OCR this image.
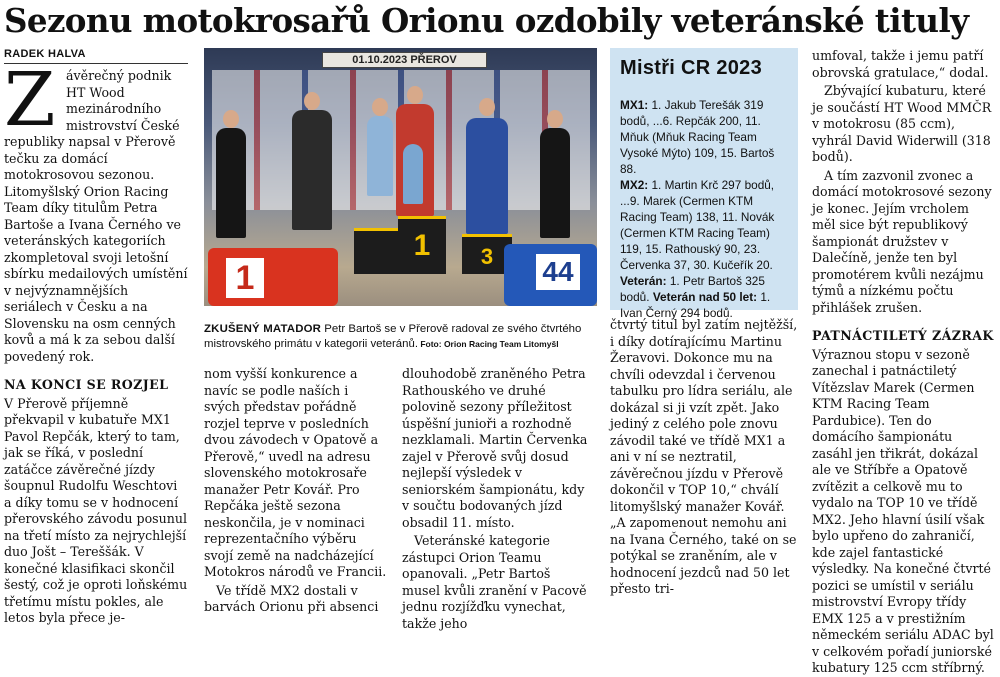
Sezonu motokrosařů Orionu ozdobily veteránské tituly
RADEK HALVA

Závěrečný podnik HT Wood mezinárodního mistrovství České republiky napsal v Přerově tečku za domácí motokrosovou sezonou. Litomyšlský Orion Racing Team díky titulům Petra Bartoše a Ivana Černého ve veteránských kategoriích zkompletoval svoji letošní sbírku medailových umístění v nejvýznamnějších seriálech v Česku a na Slovensku na osm cenných kovů a má k za sebou další povedený rok.

NA KONCI SE ROZJEL

V Přerově příjemně překvapil v kubatuře MX1 Pavol Repčák, který to tam, jak se říká, v poslední zatáčce závěrečné jízdy šoupnul Rudolfu Weschtovi a díky tomu se v hodnocení přerovského závodu posunul na třetí místo za nejrychlejší duo Jošt – Tereššák. V konečné klasifikaci skončil šestý, což je oproti loňskému třetímu místu pokles, ale letos byla přece je-

01.10.2023 PŘEROV
1	3
1	44
ZKUŠENÝ MATADOR Petr Bartoš se v Přerově radoval ze svého čtvrtého mistrovského primátu v kategorii veteránů. Foto: Orion Racing Team Litomyšl
Mistři CR 2023

MX1: 1. Jakub Terešák 319 bodů, ...6. Repčák 200, 11. Mňuk (Mňuk Racing Team Vysoké Mýto) 109, 15. Bartoš 88.

MX2: 1. Martin Krč 297 bodů, ...9. Marek (Cermen KTM Racing Team) 138, 11. Novák (Cermen KTM Racing Team) 119, 15. Rathouský 90, 23. Červenka 37, 30. Kučeřík 20.

Veterán: 1. Petr Bartoš 325 bodů. Veterán nad 50 let: 1. Ivan Černý 294 bodů.

nom vyšší konkurence a navíc se podle naších i svých představ pořádně rozjel teprve v posledních dvou závodech v Opatově a Přerově,“ uvedl na adresu slovenského motokrosaře manažer Petr Kovář. Pro Repčáka ještě sezona neskončila, je v nominaci reprezentačního výběru svojí země na nadcházející Motokros národů ve Francii.

Ve třídě MX2 dostali v barvách Orionu při absenci

dlouhodobě zraněného Petra Rathouského ve druhé polovině sezony příležitost úspěšní junioři a rozhodně nezklamali. Martin Červenka zajel v Přerově svůj dosud nejlepší výsledek v seniorském šampionátu, kdy v součtu bodovaných jízd obsadil 11. místo.

Veteránské kategorie zástupci Orion Teamu opanovali. „Petr Bartoš musel kvůli zranění v Pacově jednu rozjížďku vynechat, takže jeho

čtvrtý titul byl zatím nejtěžší, i díky dotírajícímu Martinu Žeravovi. Dokonce mu na chvíli odevzdal i červenou tabulku pro lídra seriálu, ale dokázal si ji vzít zpět. Jako jediný z celého pole znovu závodil také ve třídě MX1 a ani v ní se neztratil, závěrečnou jízdu v Přerově dokončil v TOP 10,“ chválí litomyšlský manažer Kovář. „A zapomenout nemohu ani na Ivana Černého, také on se potýkal se zraněním, ale v hodnocení jezdců nad 50 let přesto tri-

umfoval, takže i jemu patří obrovská gratulace,“ dodal.

Zbývající kubaturu, které je součástí HT Wood MMČR v motokrosu (85 ccm), vyhrál David Widerwill (318 bodů).

A tím zazvonil zvonec a domácí motokrosové sezony je konec. Jejím vrcholem měl sice být republikový šampionát družstev v Dalečíně, jenže ten byl promotérem kvůli nezájmu týmů a nízkému počtu přihlášek zrušen.

PATNÁCTILETÝ ZÁZRAK

Výraznou stopu v sezoně zanechal i patnáctiletý Vítězslav Marek (Cermen KTM Racing Team Pardubice). Ten do domácího šampionátu zasáhl jen třikrát, dokázal ale ve Stříbře a Opatově zvítězit a celkově mu to vydalo na TOP 10 ve třídě MX2. Jeho hlavní úsilí však bylo upřeno do zahraničí, kde zajel fantastické výsledky. Na konečné čtvrté pozici se umístil v seriálu mistrovství Evropy třídy EMX 125 a v prestižním německém seriálu ADAC byl v celkovém pořadí juniorské kubatury 125 ccm stříbrný.
